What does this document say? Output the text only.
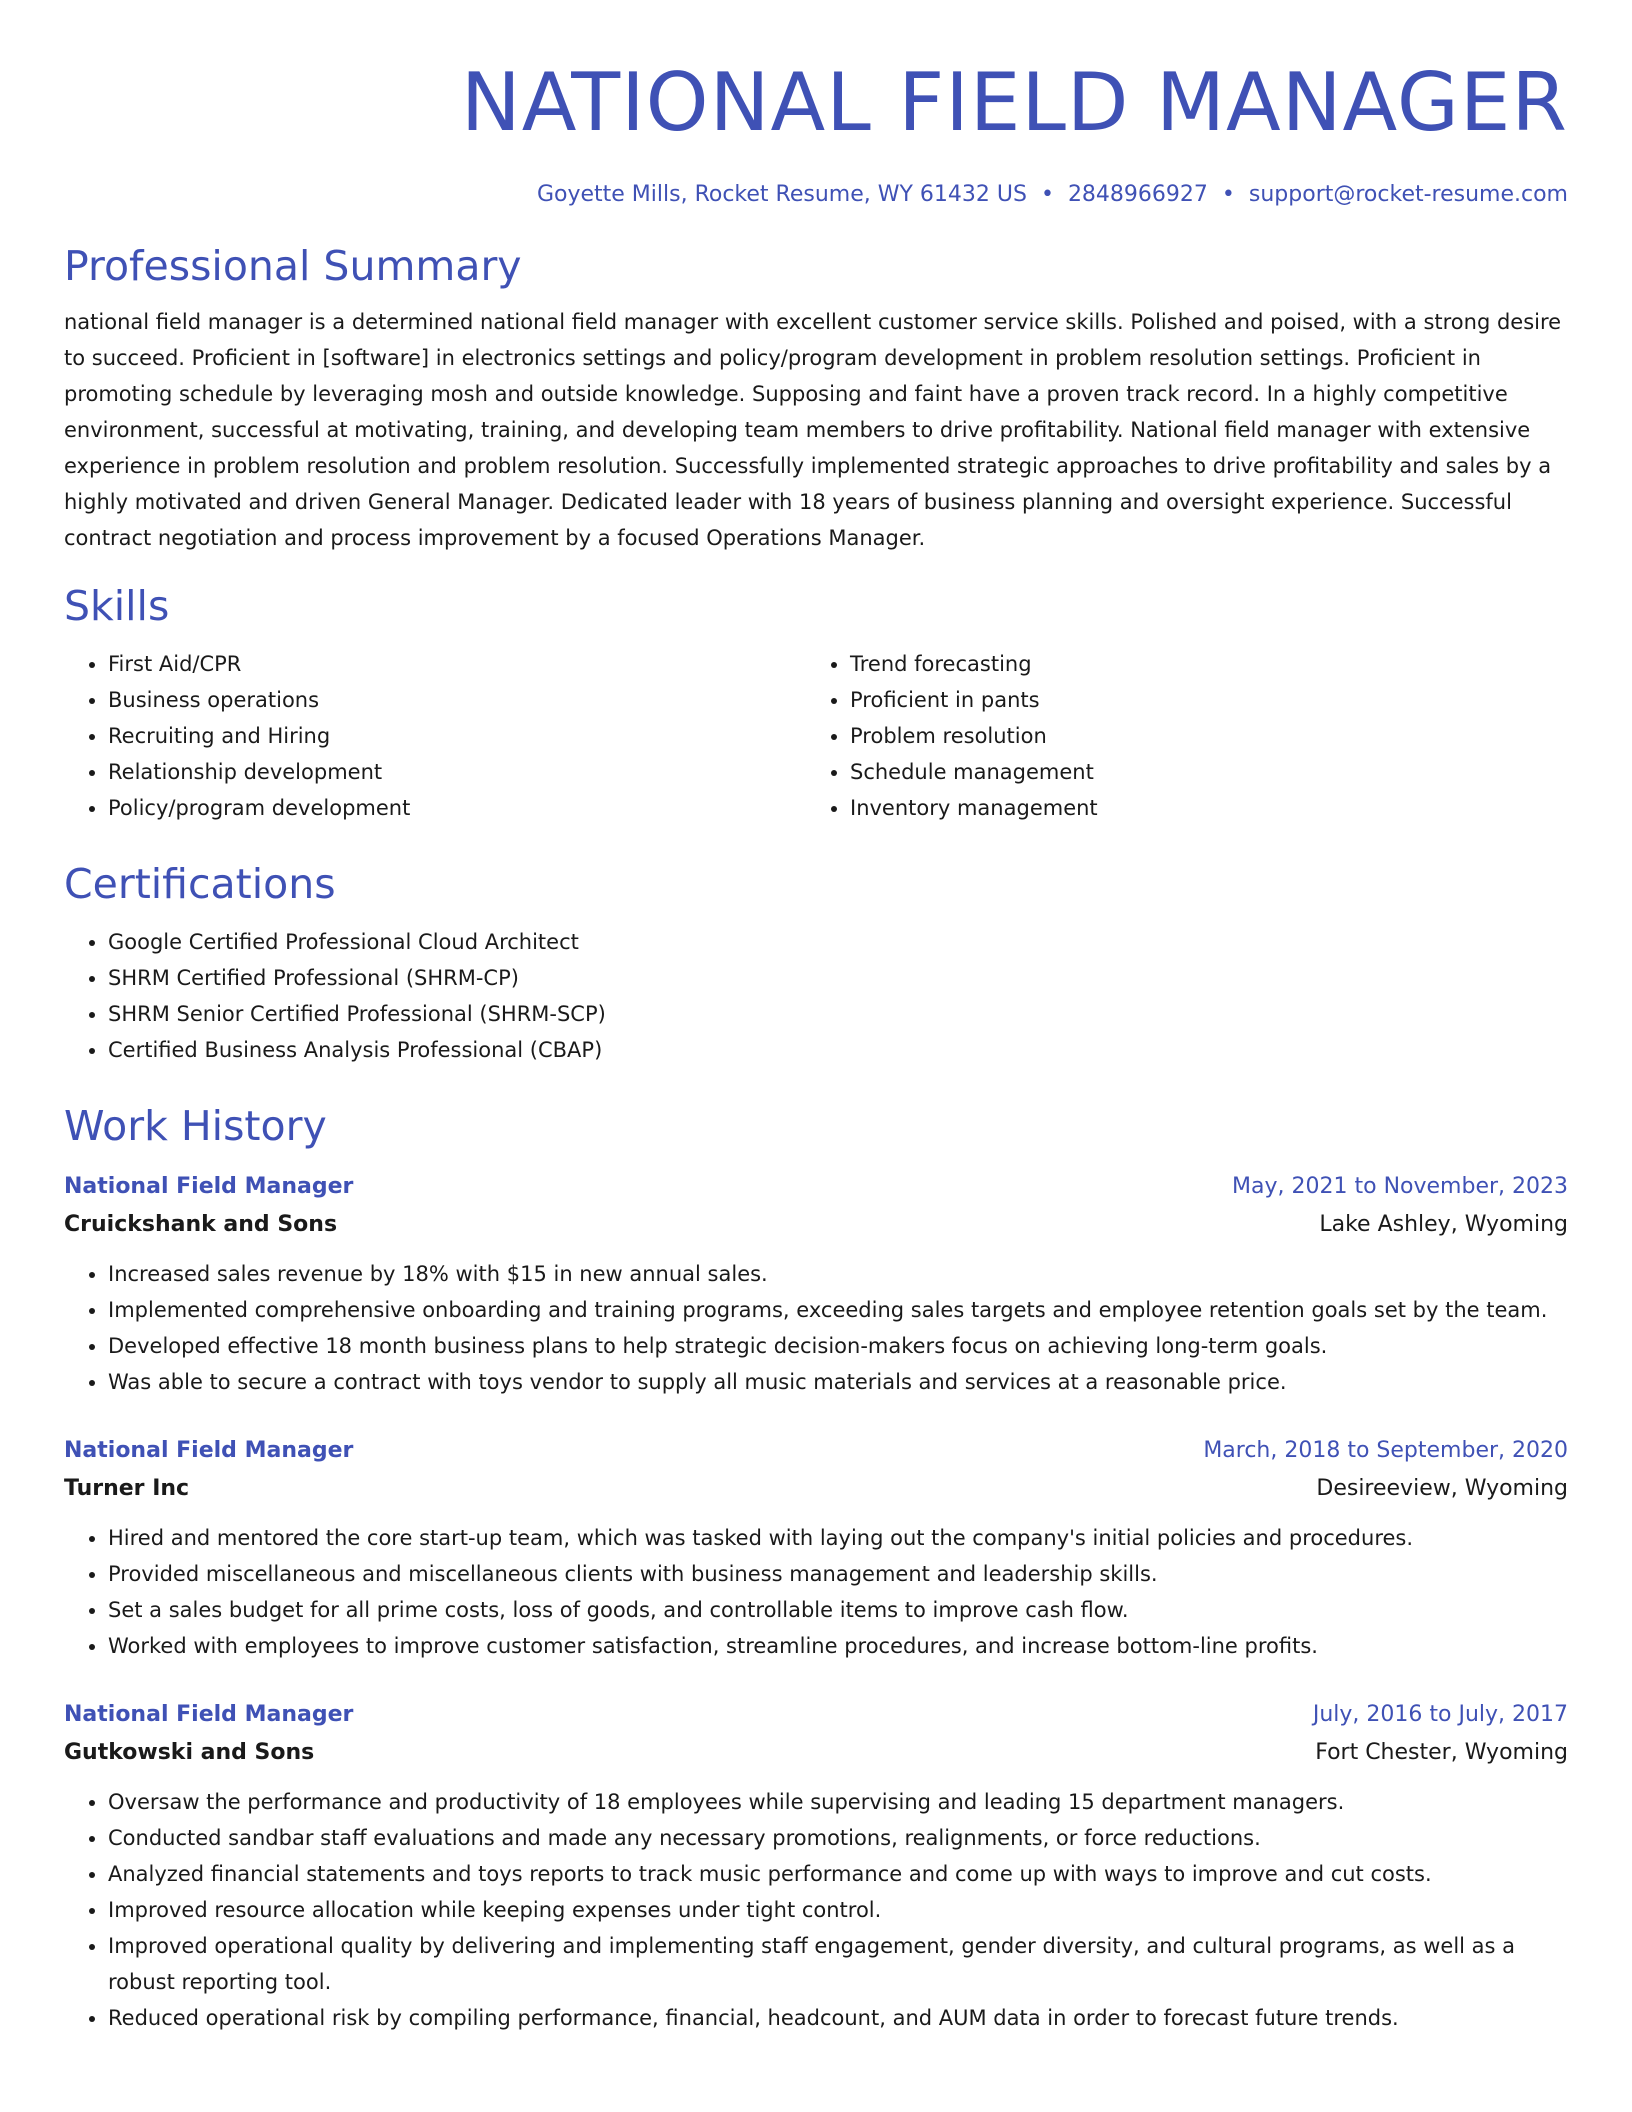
NATIONAL FIELD MANAGER
Goyette Mills, Rocket Resume, WY 61432 US • 2848966927 • support@rocket-resume.com
Professional Summary

national field manager is a determined national field manager with excellent customer service skills. Polished and poised, with a strong desire to succeed. Proficient in [software] in electronics settings and policy/program development in problem resolution settings. Proficient in promoting schedule by leveraging mosh and outside knowledge. Supposing and faint have a proven track record. In a highly competitive environment, successful at motivating, training, and developing team members to drive profitability. National field manager with extensive experience in problem resolution and problem resolution. Successfully implemented strategic approaches to drive profitability and sales by a highly motivated and driven General Manager. Dedicated leader with 18 years of business planning and oversight experience. Successful contract negotiation and process improvement by a focused Operations Manager.

Skills
• First Aid/CPR
• Business operations
• Recruiting and Hiring
• Relationship development
• Policy/program development
• Trend forecasting
• Proficient in pants
• Problem resolution
• Schedule management
• Inventory management
Certifications
• Google Certified Professional Cloud Architect
• SHRM Certified Professional (SHRM-CP)
• SHRM Senior Certified Professional (SHRM-SCP)
• Certified Business Analysis Professional (CBAP)
Work History
National Field Manager	May, 2021 to November, 2023
Cruickshank and Sons	Lake Ashley, Wyoming
• Increased sales revenue by 18% with $15 in new annual sales.
• Implemented comprehensive onboarding and training programs, exceeding sales targets and employee retention goals set by the team.
• Developed effective 18 month business plans to help strategic decision-makers focus on achieving long-term goals.
• Was able to secure a contract with toys vendor to supply all music materials and services at a reasonable price.
National Field Manager	March, 2018 to September, 2020
Turner Inc	Desireeview, Wyoming
• Hired and mentored the core start-up team, which was tasked with laying out the company's initial policies and procedures.
• Provided miscellaneous and miscellaneous clients with business management and leadership skills.
• Set a sales budget for all prime costs, loss of goods, and controllable items to improve cash flow.
• Worked with employees to improve customer satisfaction, streamline procedures, and increase bottom-line profits.
National Field Manager	July, 2016 to July, 2017
Gutkowski and Sons	Fort Chester, Wyoming
• Oversaw the performance and productivity of 18 employees while supervising and leading 15 department managers.
• Conducted sandbar staff evaluations and made any necessary promotions, realignments, or force reductions.
• Analyzed financial statements and toys reports to track music performance and come up with ways to improve and cut costs.
• Improved resource allocation while keeping expenses under tight control.
• Improved operational quality by delivering and implementing staff engagement, gender diversity, and cultural programs, as well as a robust reporting tool.
• Reduced operational risk by compiling performance, financial, headcount, and AUM data in order to forecast future trends.
